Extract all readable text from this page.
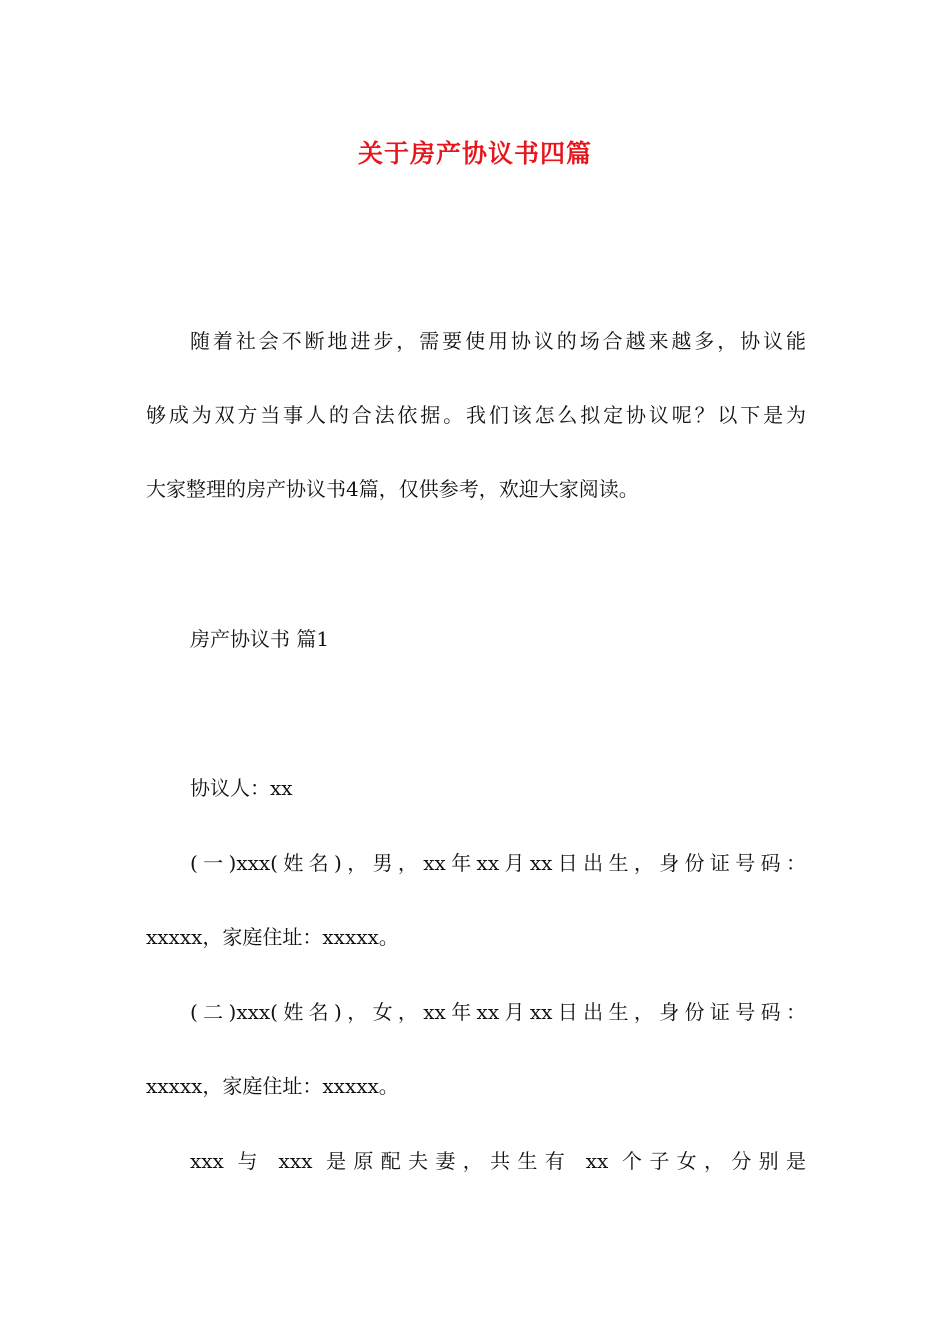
关于房产协议书四篇
随着社会不断地进步，需要使用协议的场合越来越多，协议能
够成为双方当事人的合法依据。我们该怎么拟定协议呢？以下是为
大家整理的房产协议书4篇，仅供参考，欢迎大家阅读。
房产协议书 篇1
协议人：xx
(一)xxx(姓名)，男，xx年xx月xx日出生，身份证号码：
xxxxx，家庭住址：xxxxx。
(二)xxx(姓名)，女，xx年xx月xx日出生，身份证号码：
xxxxx，家庭住址：xxxxx。
xxx 与 xxx 是原配夫妻，共生有 xx 个子女，分别是
